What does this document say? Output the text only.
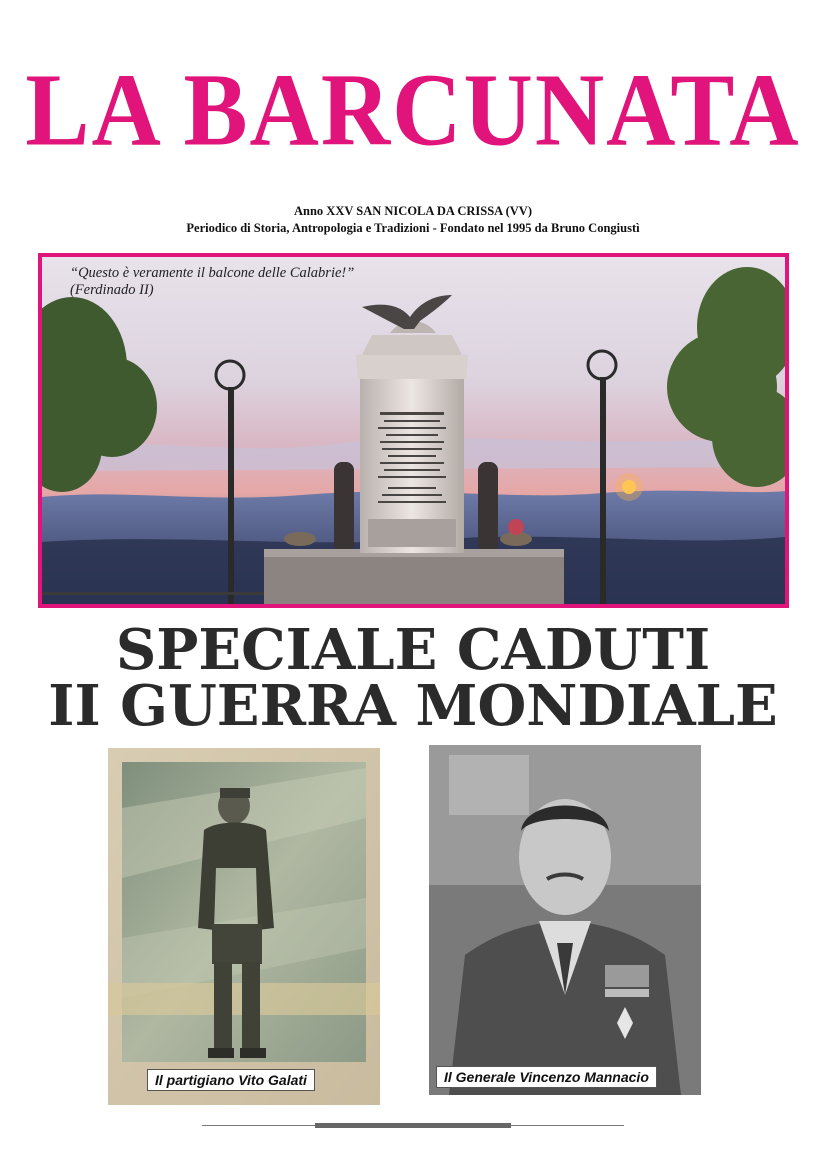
LA BARCUNATA
Anno XXV SAN NICOLA DA CRISSA (VV)
Periodico di Storia, Antropologia e Tradizioni - Fondato nel 1995 da Bruno Congiustì
“Questo è veramente il balcone delle Calabrie!”
(Ferdinado II)
SPECIALE CADUTI
II GUERRA MONDIALE
Il partigiano Vito Galati	Il Generale Vincenzo Mannacio
